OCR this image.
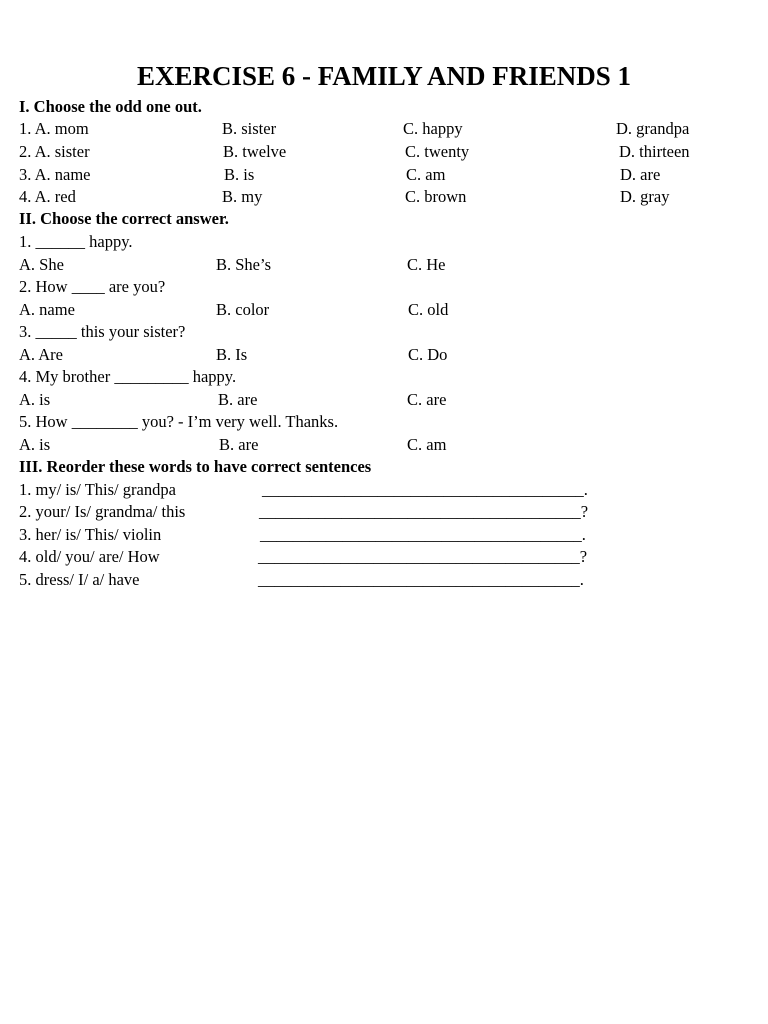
EXERCISE 6 - FAMILY AND FRIENDS 1
I. Choose the odd one out.
1. A. mom	B. sister	C. happy	D. grandpa
2. A. sister	B. twelve	C. twenty	D. thirteen
3. A. name	B. is	C. am	D. are
4. A. red	B. my	C. brown	D. gray
II. Choose the correct answer.
1. ______ happy.
A. She	B. She’s	C. He
2. How ____ are you?
A. name	B. color	C. old
3. _____ this your sister?
A. Are	B. Is	C. Do
4. My brother _________ happy.
A. is	B. are	C. are
5. How ________ you? - I’m very well. Thanks.
A. is	B. are	C. am
III. Reorder these words to have correct sentences
1. my/ is/ This/ grandpa	_______________________________________.
2. your/ Is/ grandma/ this	_______________________________________?
3. her/ is/ This/ violin	_______________________________________.
4. old/ you/ are/ How	_______________________________________?
5. dress/ I/ a/ have	_______________________________________.
